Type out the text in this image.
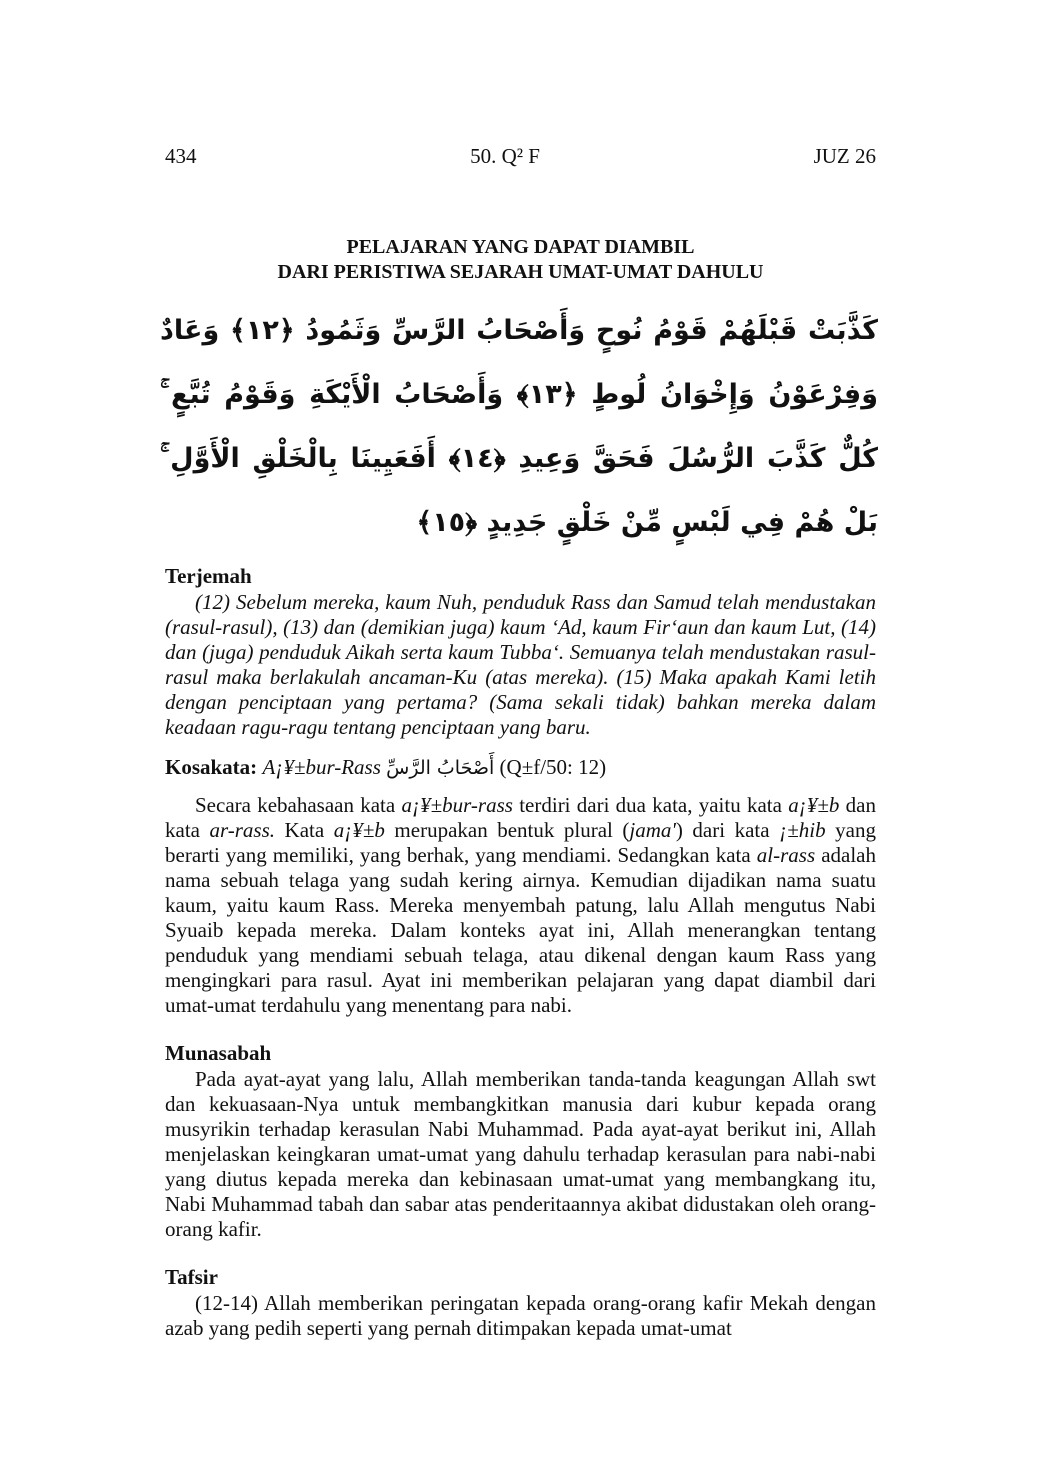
434	50. Q² F	JUZ 26
PELAJARAN YANG DAPAT DIAMBIL
DARI PERISTIWA SEJARAH UMAT-UMAT DAHULU
كَذَّبَتْ قَبْلَهُمْ قَوْمُ نُوحٍ وَأَصْحَابُ الرَّسِّ وَثَمُودُ ﴿١٢﴾ وَعَادٌ وَفِرْعَوْنُ وَإِخْوَانُ لُوطٍ ﴿١٣﴾ وَأَصْحَابُ الْأَيْكَةِ وَقَوْمُ تُبَّعٍ ۚ كُلٌّ كَذَّبَ الرُّسُلَ فَحَقَّ وَعِيدِ ﴿١٤﴾ أَفَعَيِينَا بِالْخَلْقِ الْأَوَّلِ ۚ بَلْ هُمْ فِي لَبْسٍ مِّنْ خَلْقٍ جَدِيدٍ ﴿١٥﴾
Terjemah

(12) Sebelum mereka, kaum Nuh, penduduk Rass dan Samud telah mendustakan (rasul-rasul), (13) dan (demikian juga) kaum ‘Ad, kaum Fir‘aun dan kaum Lut, (14) dan (juga) penduduk Aikah serta kaum Tubba‘. Semuanya telah mendustakan rasul-rasul maka berlakulah ancaman-Ku (atas mereka). (15) Maka apakah Kami letih dengan penciptaan yang pertama? (Sama sekali tidak) bahkan mereka dalam keadaan ragu-ragu tentang penciptaan yang baru.

Kosakata: A¡¥±bur-Rass أَصْحَابُ الرَّسِّ (Q±f/50: 12)

Secara kebahasaan kata a¡¥±bur-rass terdiri dari dua kata, yaitu kata a¡¥±b dan kata ar-rass. Kata a¡¥±b merupakan bentuk plural (jama') dari kata ¡±hib yang berarti yang memiliki, yang berhak, yang mendiami. Sedangkan kata al-rass adalah nama sebuah telaga yang sudah kering airnya. Kemudian dijadikan nama suatu kaum, yaitu kaum Rass. Mereka menyembah patung, lalu Allah mengutus Nabi Syuaib kepada mereka. Dalam konteks ayat ini, Allah menerangkan tentang penduduk yang mendiami sebuah telaga, atau dikenal dengan kaum Rass yang mengingkari para rasul. Ayat ini memberikan pelajaran yang dapat diambil dari umat-umat terdahulu yang menentang para nabi.

Munasabah

Pada ayat-ayat yang lalu, Allah memberikan tanda-tanda keagungan Allah swt dan kekuasaan-Nya untuk membangkitkan manusia dari kubur kepada orang musyrikin terhadap kerasulan Nabi Muhammad. Pada ayat-ayat berikut ini, Allah menjelaskan keingkaran umat-umat yang dahulu terhadap kerasulan para nabi-nabi yang diutus kepada mereka dan kebinasaan umat-umat yang membangkang itu, Nabi Muhammad tabah dan sabar atas penderitaannya akibat didustakan oleh orang-orang kafir.

Tafsir

(12-14) Allah memberikan peringatan kepada orang-orang kafir Mekah dengan azab yang pedih seperti yang pernah ditimpakan kepada umat-umat
